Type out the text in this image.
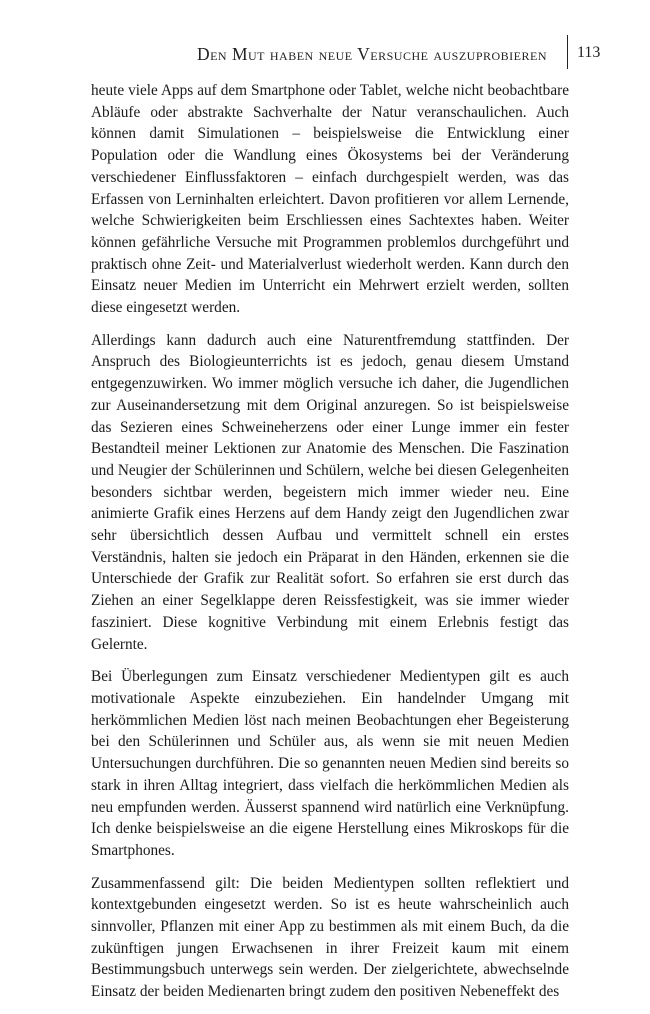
Den Mut haben neue Versuche auszuprobieren 113

heute viele Apps auf dem Smartphone oder Tablet, welche nicht beobachtbare Abläufe oder abstrakte Sachverhalte der Natur veranschaulichen. Auch können damit Simulationen – beispielsweise die Entwicklung einer Population oder die Wandlung eines Ökosystems bei der Veränderung verschiedener Einflussfaktoren – einfach durchgespielt werden, was das Erfassen von Lerninhalten erleichtert. Davon profitieren vor allem Lernende, welche Schwierigkeiten beim Erschliessen eines Sachtextes haben. Weiter können gefährliche Versuche mit Programmen problemlos durchgeführt und praktisch ohne Zeit- und Materialverlust wiederholt werden. Kann durch den Einsatz neuer Medien im Unterricht ein Mehrwert erzielt werden, sollten diese eingesetzt werden.

Allerdings kann dadurch auch eine Naturentfremdung stattfinden. Der Anspruch des Biologieunterrichts ist es jedoch, genau diesem Umstand entgegenzuwirken. Wo immer möglich versuche ich daher, die Jugendlichen zur Auseinandersetzung mit dem Original anzuregen. So ist beispielsweise das Sezieren eines Schweineherzens oder einer Lunge immer ein fester Bestandteil meiner Lektionen zur Anatomie des Menschen. Die Faszination und Neugier der Schülerinnen und Schülern, welche bei diesen Gelegenheiten besonders sichtbar werden, begeistern mich immer wieder neu. Eine animierte Grafik eines Herzens auf dem Handy zeigt den Jugendlichen zwar sehr übersichtlich dessen Aufbau und vermittelt schnell ein erstes Verständnis, halten sie jedoch ein Präparat in den Händen, erkennen sie die Unterschiede der Grafik zur Realität sofort. So erfahren sie erst durch das Ziehen an einer Segelklappe deren Reissfestigkeit, was sie immer wieder fasziniert. Diese kognitive Verbindung mit einem Erlebnis festigt das Gelernte.

Bei Überlegungen zum Einsatz verschiedener Medientypen gilt es auch motivationale Aspekte einzubeziehen. Ein handelnder Umgang mit herkömmlichen Medien löst nach meinen Beobachtungen eher Begeisterung bei den Schülerinnen und Schüler aus, als wenn sie mit neuen Medien Untersuchungen durchführen. Die so genannten neuen Medien sind bereits so stark in ihren Alltag integriert, dass vielfach die herkömmlichen Medien als neu empfunden werden. Äusserst spannend wird natürlich eine Verknüpfung. Ich denke beispielsweise an die eigene Herstellung eines Mikroskops für die Smartphones.

Zusammenfassend gilt: Die beiden Medientypen sollten reflektiert und kontextgebunden eingesetzt werden. So ist es heute wahrscheinlich auch sinnvoller, Pflanzen mit einer App zu bestimmen als mit einem Buch, da die zukünftigen jungen Erwachsenen in ihrer Freizeit kaum mit einem Bestimmungsbuch unterwegs sein werden. Der zielgerichtete, abwechselnde Einsatz der beiden Medienarten bringt zudem den positiven Nebeneffekt des
